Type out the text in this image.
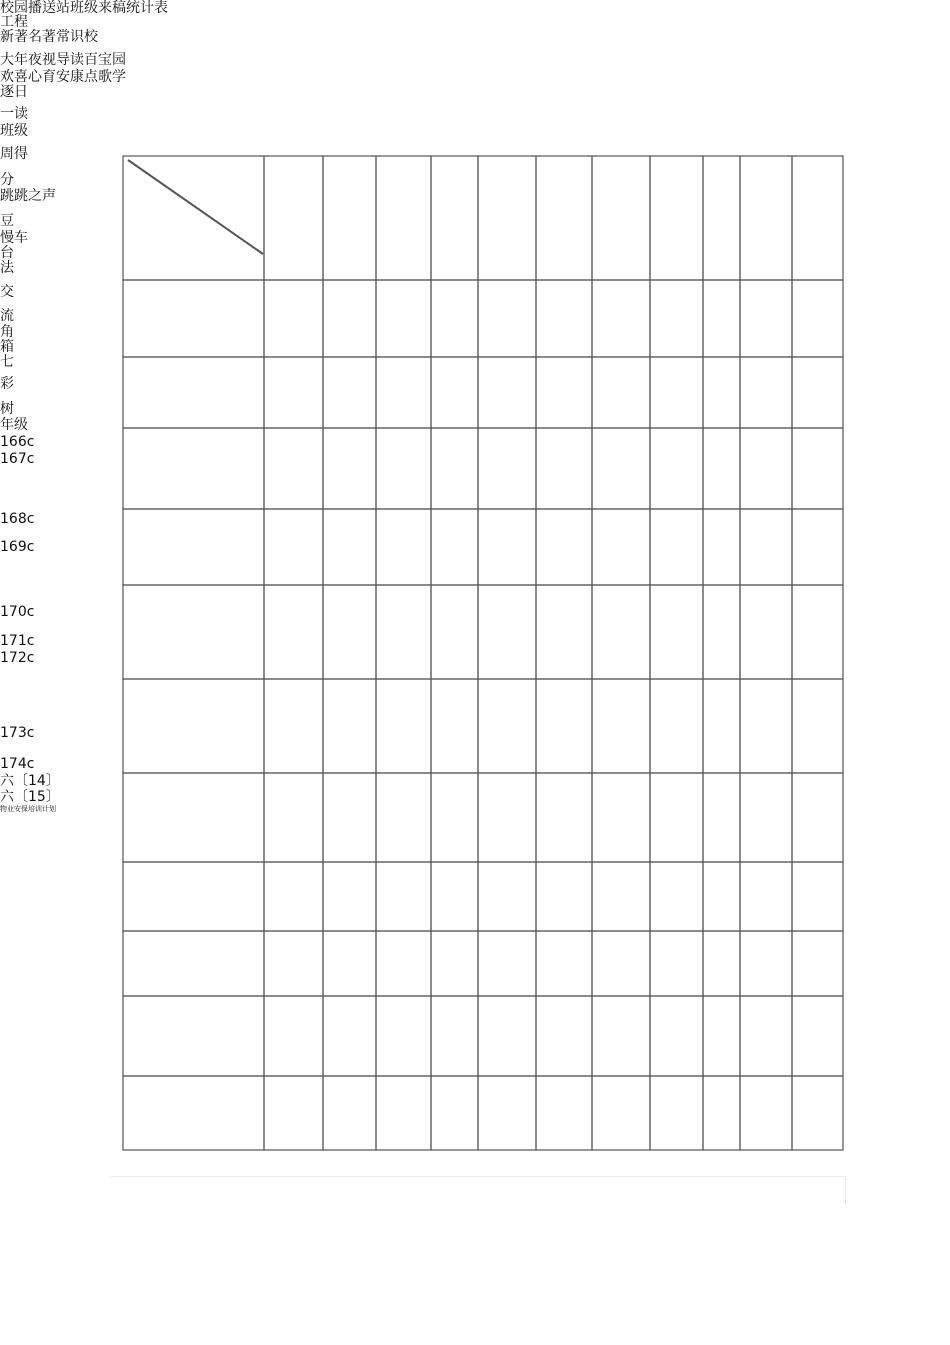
校园播送站班级来稿统计表
工程
新著名著常识校
大年夜视导读百宝园
欢喜心育安康点歌学
逐日
一读
班级
周得
分
跳跳之声
豆
慢车
台
法
交
流
角
箱
七
彩
树
年级
166c
167c
168c
169c
170c
171c
172c
173c
174c
六〔14〕
六〔15〕
物业安保培训计划
